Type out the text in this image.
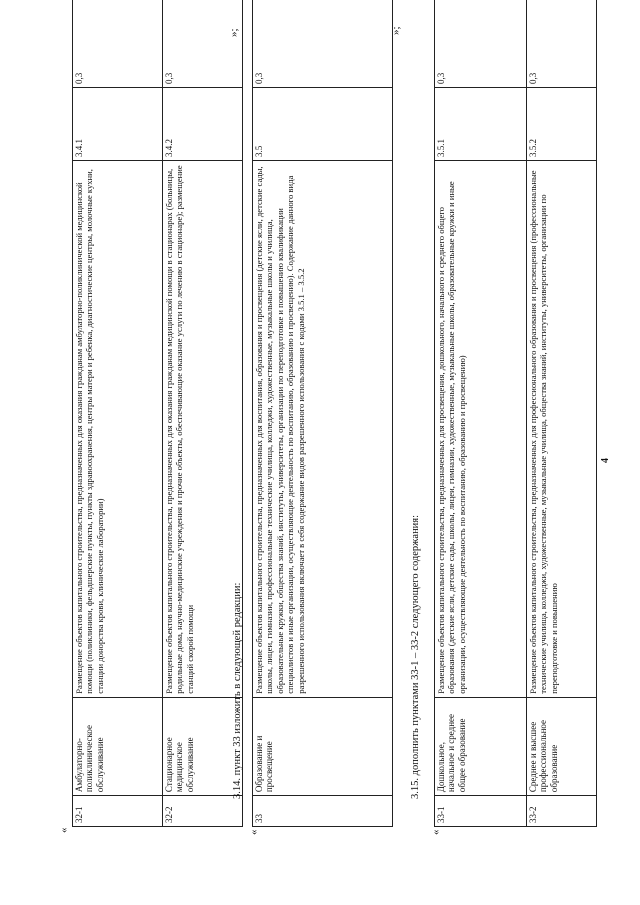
4
«
32-1	Амбулаторно-поликлиническое обслуживание	Размещение объектов капитального строительства, предназначенных для оказания гражданам амбулаторно-поликлинической медицинской помощи (поликлиники, фельдшерские пункты, пункты здравоохранения, центры матери и ребенка, диагностические центры, молочные кухни, станции донорства крови, клинические лаборатории)	3.4.1	0,3
32-2	Стационарное медицинское обслуживание	Размещение объектов капитального строительства, предназначенных для оказания гражданам медицинской помощи в стационарах (больницы, родильные дома, научно-медицинские учреждения и прочие объекты, обеспечивающие оказание услуги по лечению в стационаре); размещение станций скорой помощи	3.4.2	0,3
»;
3.14. пункт 33 изложить в следующей редакции:
«
33	Образование и просвещение	Размещение объектов капитального строительства, предназначенных для воспитания, образования и просвещения (детские ясли, детские сады, школы, лицеи, гимназии, профессиональные технические училища, колледжи, художественные, музыкальные школы и училища, образовательные кружки, общества знаний, институты, университеты, организации по переподготовке и повышению квалификации специалистов и иные организации, осуществляющие деятельность по воспитанию, образованию и просвещению). Содержание данного вида разрешенного использования включает в себя содержание видов разрешенного использования с кодами 3.5.1 – 3.5.2	3.5	0,3
»;
3.15. дополнить пунктами 33-1 – 33-2 следующего содержания:
«
33-1	Дошкольное, начальное и среднее общее образование	Размещение объектов капитального строительства, предназначенных для просвещения, дошкольного, начального и среднего общего образования (детские ясли, детские сады, школы, лицеи, гимназии, художественные, музыкальные школы, образовательные кружки и иные организации, осуществляющие деятельность по воспитанию, образованию и просвещению)	3.5.1	0,3
33-2	Среднее и высшее профессиональное образование	Размещение объектов капитального строительства, предназначенных для профессионального образования и просвещения (профессиональные технические училища, колледжи, художественные, музыкальные училища, общества знаний, институты, университеты, организации по переподготовке и повышению	3.5.2	0,3
